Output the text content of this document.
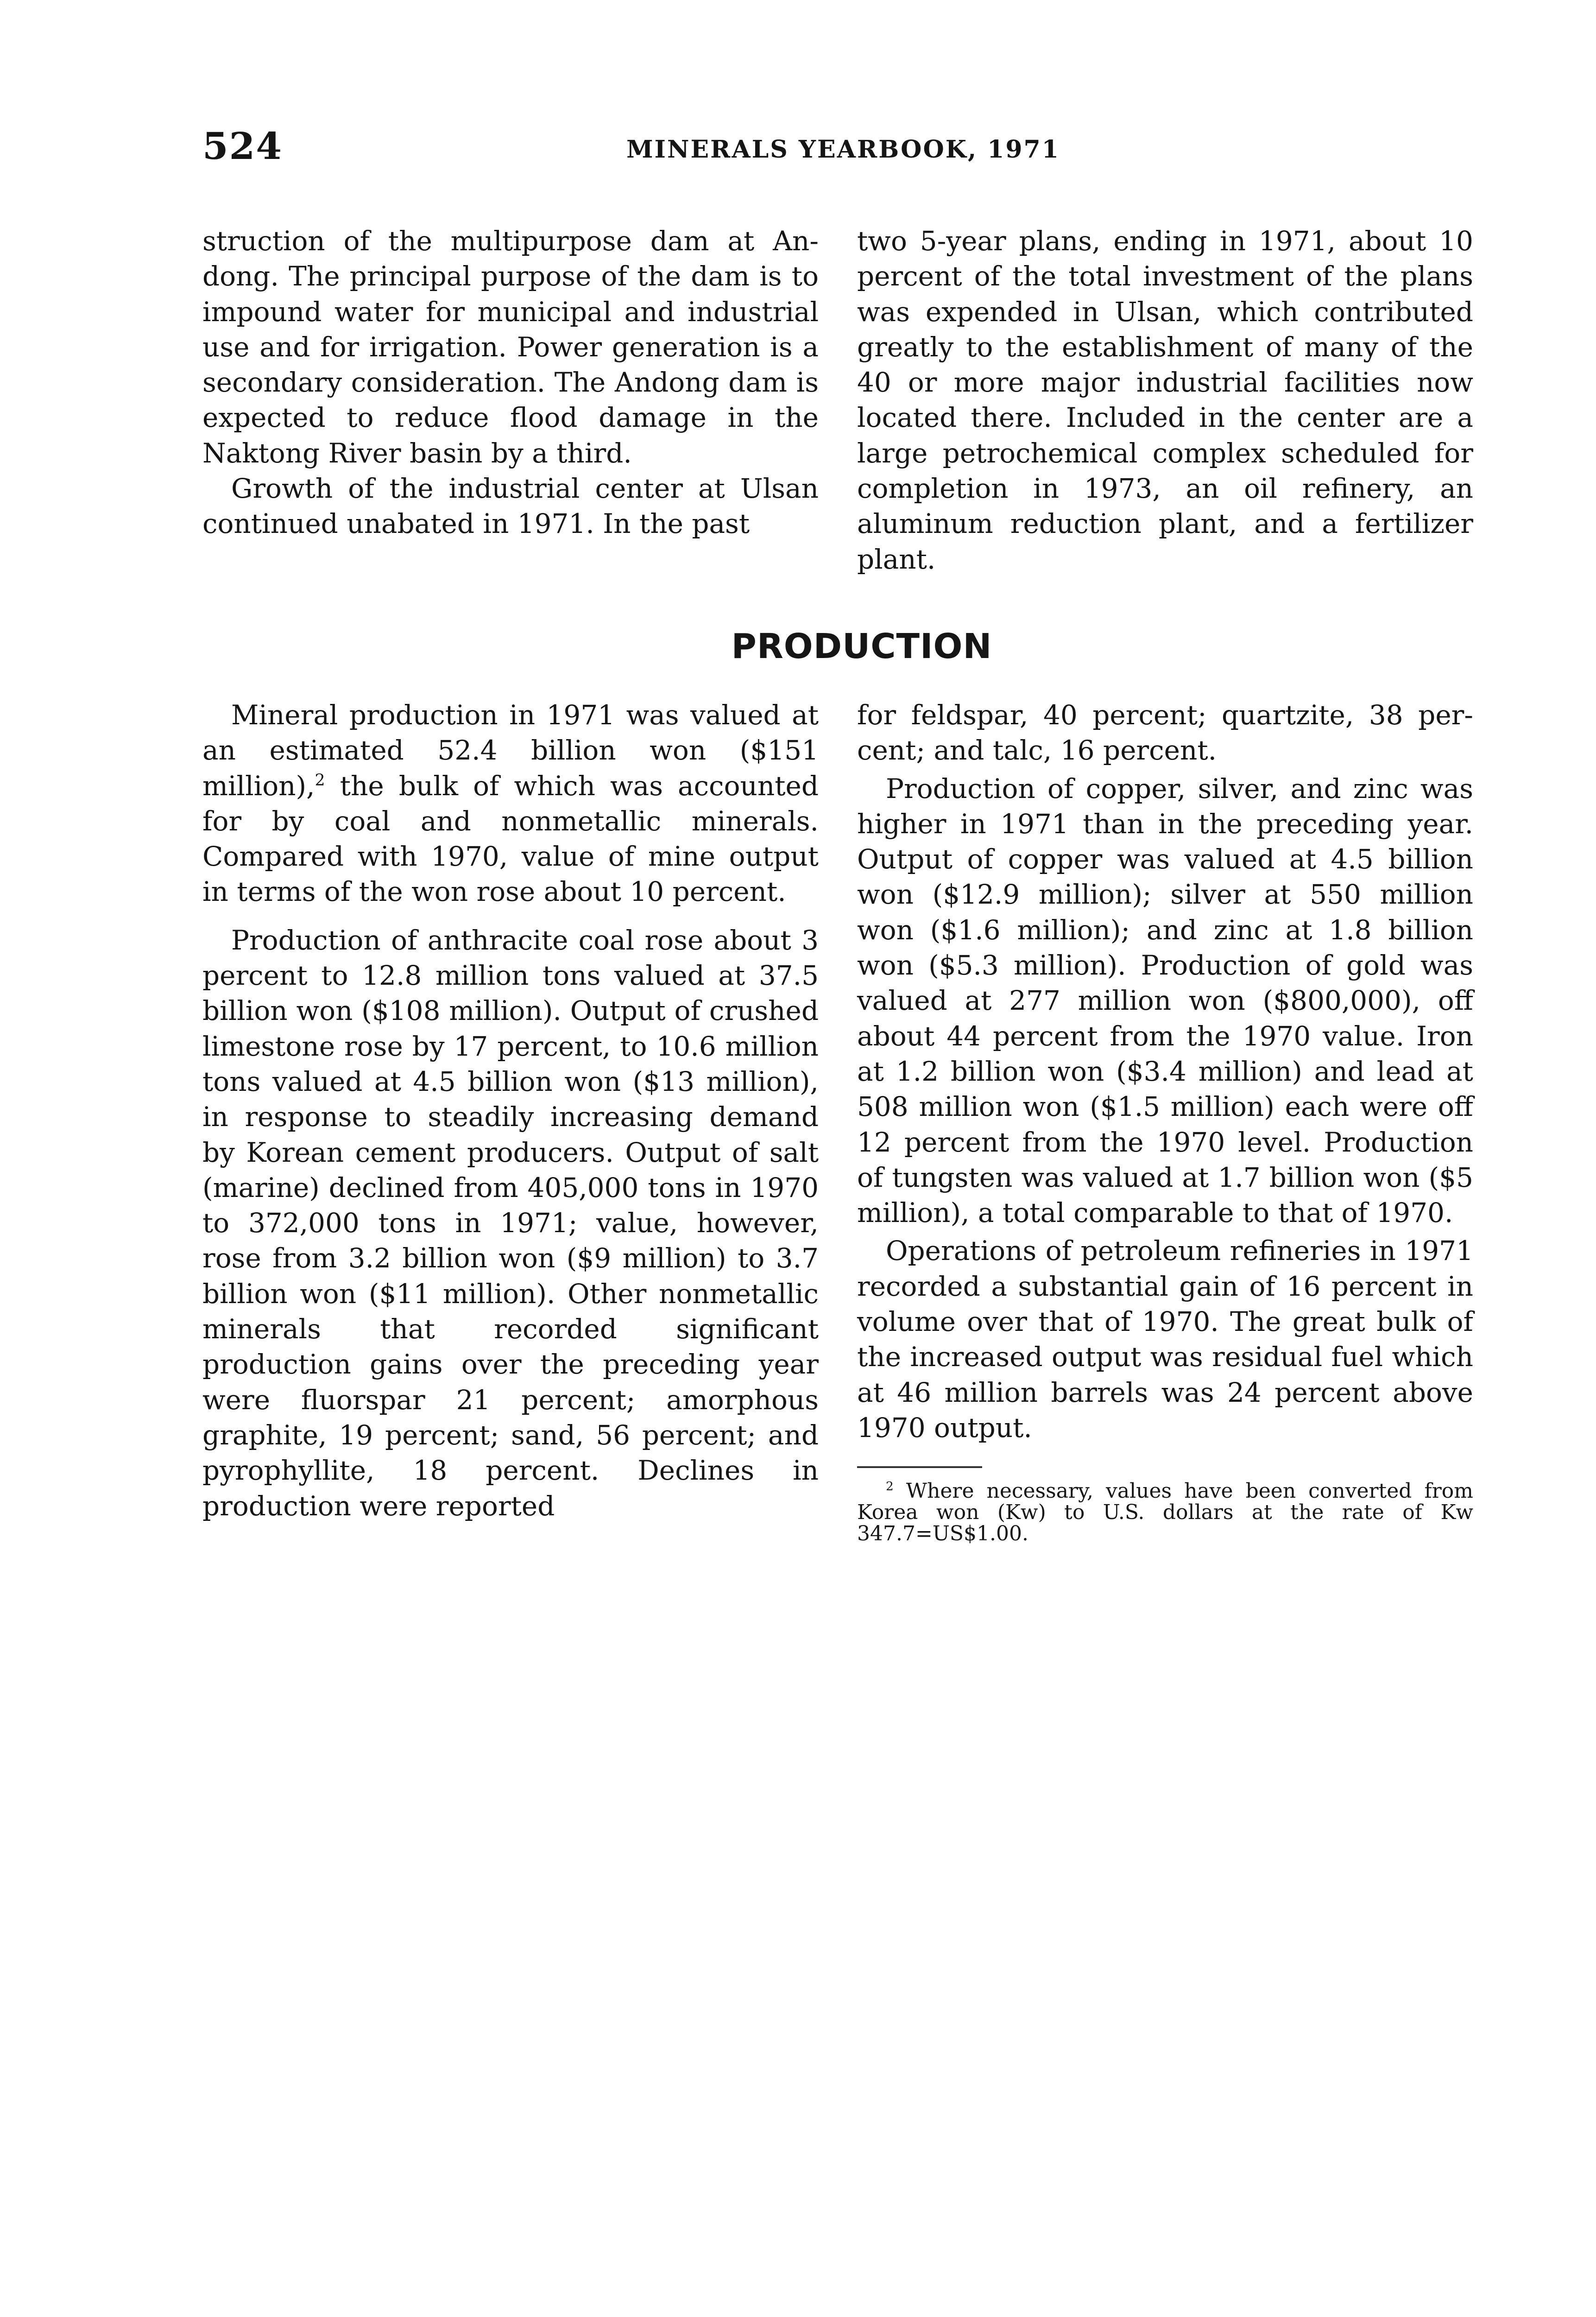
524	MINERALS YEARBOOK, 1971

struction of the multipurpose dam at Andong. The principal purpose of the dam is to impound water for municipal and industrial use and for irrigation. Power generation is a secondary consideration. The Andong dam is expected to reduce flood damage in the Naktong River basin by a third.

Growth of the industrial center at Ulsan continued unabated in 1971. In the past

two 5-year plans, ending in 1971, about 10 percent of the total investment of the plans was expended in Ulsan, which contributed greatly to the establishment of many of the 40 or more major industrial facilities now located there. Included in the center are a large petrochemical complex scheduled for completion in 1973, an oil refinery, an aluminum reduction plant, and a fertilizer plant.

PRODUCTION

Mineral production in 1971 was valued at an estimated 52.4 billion won ($151 million),$^2$ the bulk of which was accounted for by coal and nonmetallic minerals. Compared with 1970, value of mine output in terms of the won rose about 10 percent.

Production of anthracite coal rose about 3 percent to 12.8 million tons valued at 37.5 billion won ($108 million). Output of crushed limestone rose by 17 percent, to 10.6 million tons valued at 4.5 billion won ($13 million), in response to steadily increasing demand by Korean cement producers. Output of salt (marine) declined from 405,000 tons in 1970 to 372,000 tons in 1971; value, however, rose from 3.2 billion won ($9 million) to 3.7 billion won ($11 million). Other nonmetallic minerals that recorded significant production gains over the preceding year were fluorspar 21 percent; amorphous graphite, 19 percent; sand, 56 percent; and pyrophyllite, 18 percent. Declines in production were reported

for feldspar, 40 percent; quartzite, 38 percent; and talc, 16 percent.

Production of copper, silver, and zinc was higher in 1971 than in the preceding year. Output of copper was valued at 4.5 billion won ($12.9 million); silver at 550 million won ($1.6 million); and zinc at 1.8 billion won ($5.3 million). Production of gold was valued at 277 million won ($800,000), off about 44 percent from the 1970 value. Iron at 1.2 billion won ($3.4 million) and lead at 508 million won ($1.5 million) each were off 12 percent from the 1970 level. Production of tungsten was valued at 1.7 billion won ($5 million), a total comparable to that of 1970.

Operations of petroleum refineries in 1971 recorded a substantial gain of 16 percent in volume over that of 1970. The great bulk of the increased output was residual fuel which at 46 million barrels was 24 percent above 1970 output.

$^2$ Where necessary, values have been converted from Korea won (Kw) to U.S. dollars at the rate of Kw 347.7=US$1.00.
